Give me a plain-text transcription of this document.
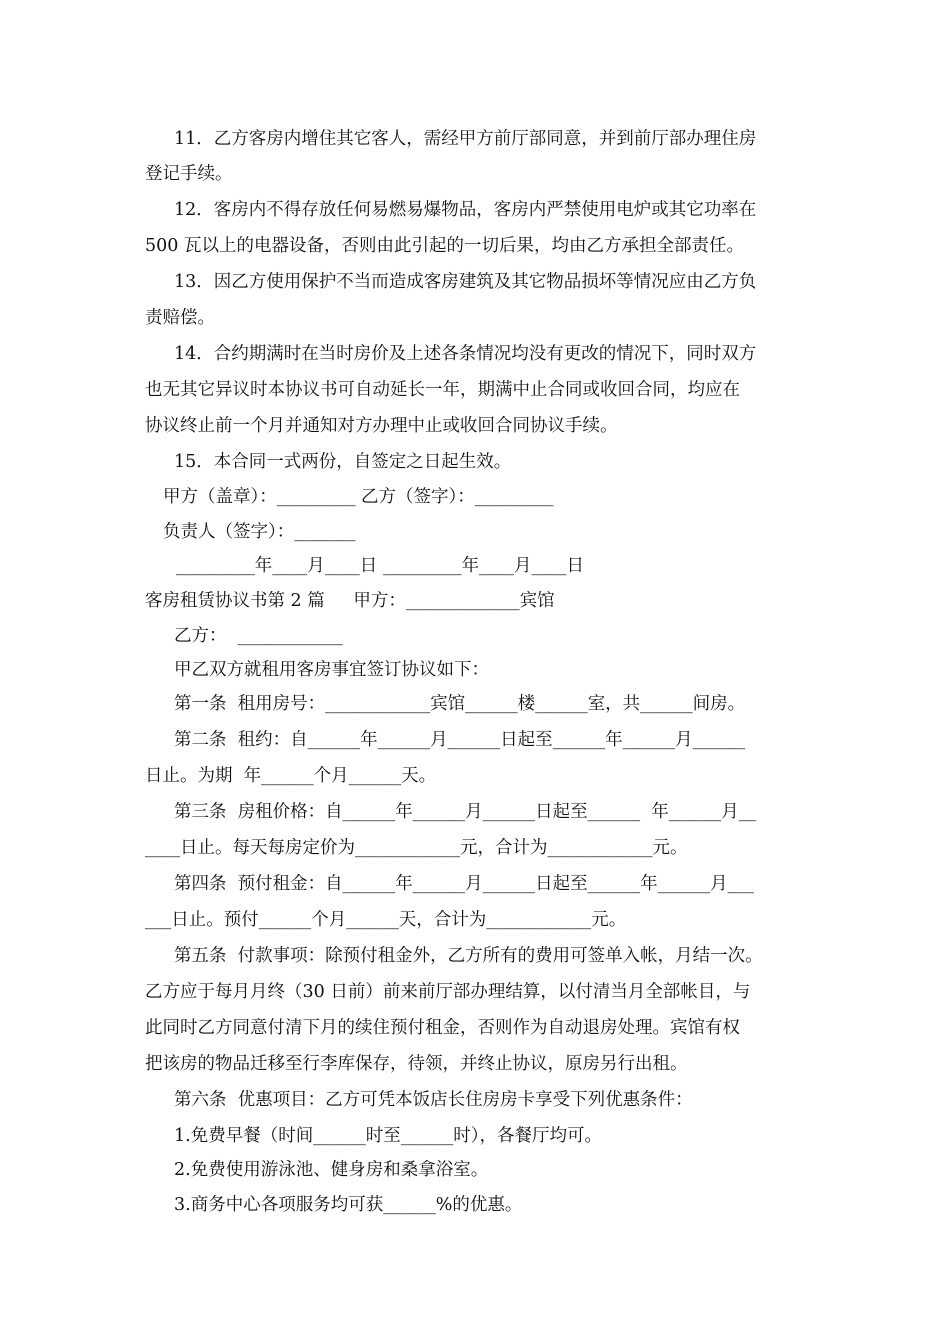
11．乙方客房内增住其它客人，需经甲方前厅部同意，并到前厅部办理住房
登记手续。
12．客房内不得存放任何易燃易爆物品，客房内严禁使用电炉或其它功率在
500 瓦以上的电器设备，否则由此引起的一切后果，均由乙方承担全部责任。
13．因乙方使用保护不当而造成客房建筑及其它物品损坏等情况应由乙方负
责赔偿。
14．合约期满时在当时房价及上述各条情况均没有更改的情况下，同时双方
也无其它异议时本协议书可自动延长一年，期满中止合同或收回合同，均应在
协议终止前一个月并通知对方办理中止或收回合同协议手续。
15．本合同一式两份，自签定之日起生效。
甲方（盖章）：_________ 乙方（签字）：_________
负责人（签字）：_______
_________年____月____日 _________年____月____日
客房租赁协议书第 2 篇　  甲方：_____________宾馆
乙方：  ____________
甲乙双方就租用客房事宜签订协议如下：
第一条  租用房号：____________宾馆______楼______室，共______间房。
第二条  租约：自______年______月______日起至______年______月______
日止。为期  年______个月______天。
第三条  房租价格：自______年______月______日起至______  年______月__
____日止。每天每房定价为____________元，合计为____________元。
第四条  预付租金：自______年______月______日起至______年______月___
___日止。预付______个月______天，合计为____________元。
第五条  付款事项：除预付租金外，乙方所有的费用可签单入帐，月结一次。
乙方应于每月月终（30 日前）前来前厅部办理结算，以付清当月全部帐目，与
此同时乙方同意付清下月的续住预付租金，否则作为自动退房处理。宾馆有权
把该房的物品迁移至行李库保存，待领，并终止协议，原房另行出租。
第六条  优惠项目：乙方可凭本饭店长住房房卡享受下列优惠条件：
1.免费早餐（时间______时至______时），各餐厅均可。
2.免费使用游泳池、健身房和桑拿浴室。
3.商务中心各项服务均可获______%的优惠。
